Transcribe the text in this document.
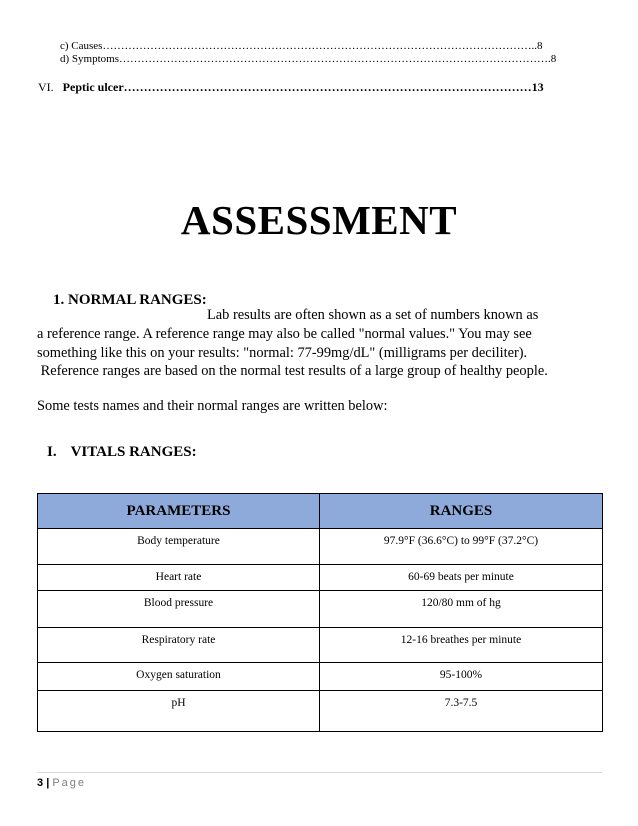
c) Causes………………………………………………………………………………………………………..8
d) Symptoms……………………………………………………………………………………………………….8
VI. Peptic ulcer…………………………………………………………………………………………13
ASSESSMENT
1. NORMAL RANGES:
Lab results are often shown as a set of numbers known as
a reference range. A reference range may also be called "normal values." You may see
something like this on your results: "normal: 77-99mg/dL" (milligrams per deciliter).
Reference ranges are based on the normal test results of a large group of healthy people.
Some tests names and their normal ranges are written below:
I. VITALS RANGES:
PARAMETERS	RANGES
Body temperature	97.9°F (36.6°C) to 99°F (37.2°C)
Heart rate	60-69 beats per minute
Blood pressure	120/80 mm of hg
Respiratory rate	12-16 breathes per minute
Oxygen saturation	95-100%
pH	7.3-7.5
3 | Page
